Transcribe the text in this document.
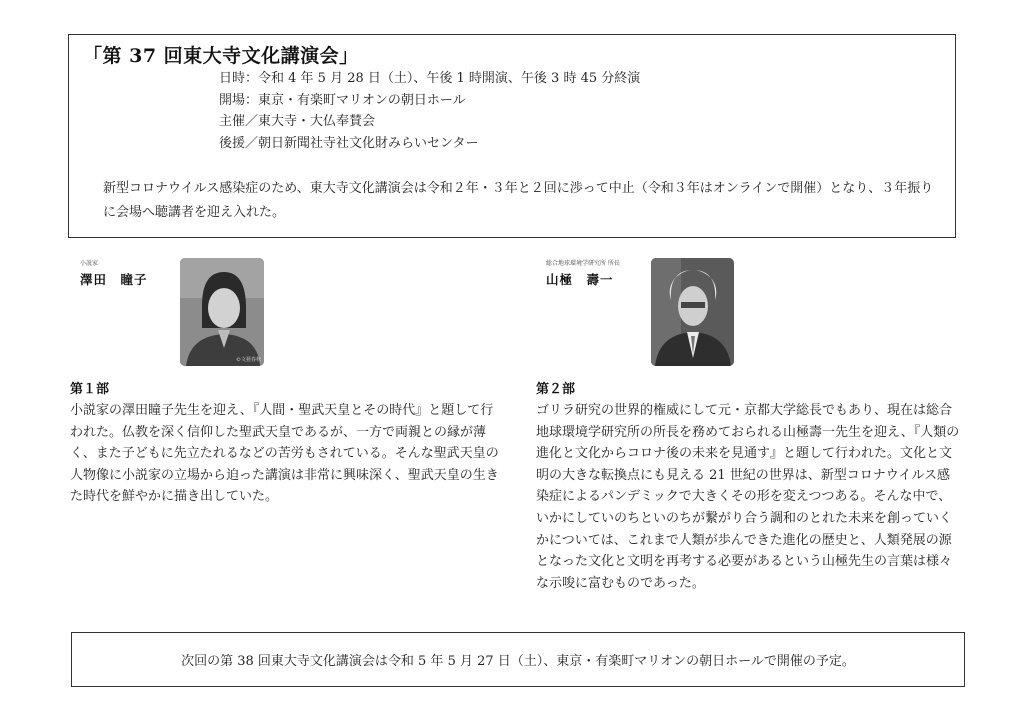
「第 37 回東大寺文化講演会」
日時：令和 4 年 5 月 28 日（土）、午後 1 時開演、午後 3 時 45 分終演
開場：東京・有楽町マリオンの朝日ホール
主催／東大寺・大仏奉賛会
後援／朝日新聞社寺社文化財みらいセンター
新型コロナウイルス感染症のため、東大寺文化講演会は令和２年・３年と２回に渉って中止（令和３年はオンラインで開催）となり、３年振りに会場へ聴講者を迎え入れた。
小説家
澤田　瞳子
©文藝春秋
総合地球環境学研究所 所長
山極　壽一
第１部
小説家の澤田瞳子先生を迎え、『人間・聖武天皇とその時代』と題して行われた。仏教を深く信仰した聖武天皇であるが、一方で両親との縁が薄く、また子どもに先立たれるなどの苦労もされている。そんな聖武天皇の人物像に小説家の立場から迫った講演は非常に興味深く、聖武天皇の生きた時代を鮮やかに描き出していた。
第２部
ゴリラ研究の世界的権威にして元・京都大学総長でもあり、現在は総合地球環境学研究所の所長を務めておられる山極壽一先生を迎え、『人類の進化と文化からコロナ後の未来を見通す』と題して行われた。文化と文明の大きな転換点にも見える 21 世紀の世界は、新型コロナウイルス感染症によるパンデミックで大きくその形を変えつつある。そんな中で、いかにしていのちといのちが繋がり合う調和のとれた未来を創っていくかについては、これまで人類が歩んできた進化の歴史と、人類発展の源となった文化と文明を再考する必要があるという山極先生の言葉は様々な示唆に富むものであった。
次回の第 38 回東大寺文化講演会は令和 5 年 5 月 27 日（土）、東京・有楽町マリオンの朝日ホールで開催の予定。
